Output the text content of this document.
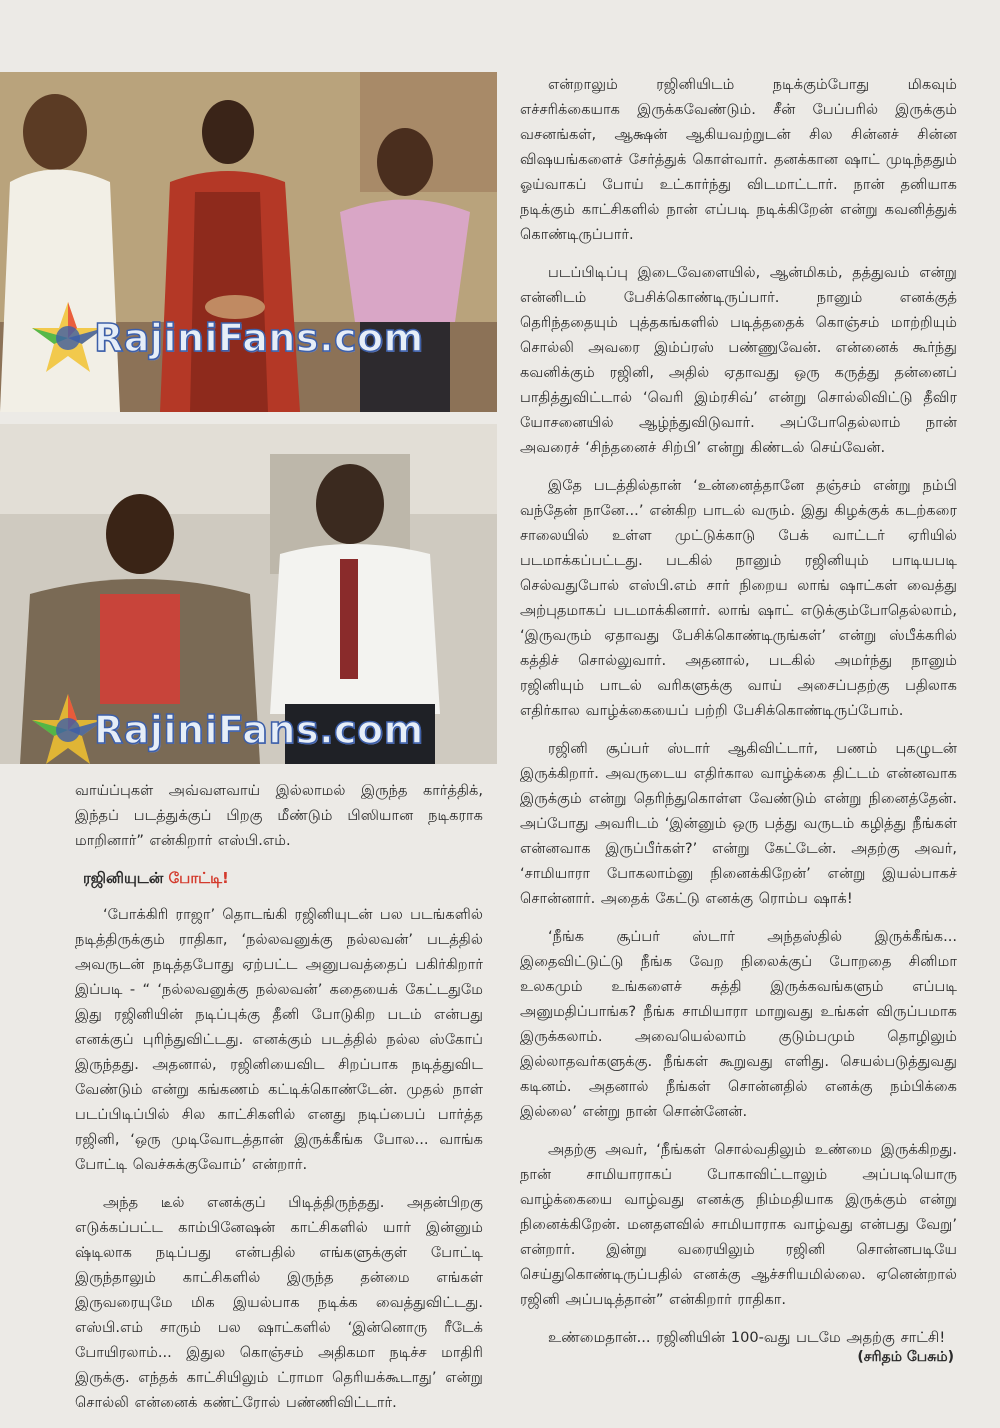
RajiniFans.com
RajiniFans.com

வாய்ப்புகள் அவ்வளவாய் இல்லாமல் இருந்த கார்த்திக், இந்தப் படத்துக்குப் பிறகு மீண்டும் பிஸியான நடிகராக மாறினார்” என்கிறார் எஸ்பி.எம்.

ரஜினியுடன் போட்டி!

‘போக்கிரி ராஜா’ தொடங்கி ரஜினியுடன் பல படங்களில் நடித்திருக்கும் ராதிகா, ‘நல்லவனுக்கு நல்லவன்’ படத்தில் அவருடன் நடித்தபோது ஏற்பட்ட அனுபவத்தைப் பகிர்கிறார் இப்படி - “ ‘நல்லவனுக்கு நல்லவன்’ கதையைக் கேட்டதுமே இது ரஜினியின் நடிப்புக்கு தீனி போடுகிற படம் என்பது எனக்குப் புரிந்துவிட்டது. எனக்கும் படத்தில் நல்ல ஸ்கோப் இருந்தது. அதனால், ரஜினியைவிட சிறப்பாக நடித்துவிட வேண்டும் என்று கங்கணம் கட்டிக்கொண்டேன். முதல் நாள் படப்பிடிப்பில் சில காட்சிகளில் எனது நடிப்பைப் பார்த்த ரஜினி, ‘ஒரு முடிவோடத்தான் இருக்கீங்க போல... வாங்க போட்டி வெச்சுக்குவோம்’ என்றார்.

அந்த டீல் எனக்குப் பிடித்திருந்தது. அதன்பிறகு எடுக்கப்பட்ட காம்பினேஷன் காட்சிகளில் யார் இன்னும் ஷ்டிலாக நடிப்பது என்பதில் எங்களுக்குள் போட்டி இருந்தாலும் காட்சிகளில் இருந்த தன்மை எங்கள் இருவரையுமே மிக இயல்பாக நடிக்க வைத்துவிட்டது. எஸ்பி.எம் சாரும் பல ஷாட்களில் ‘இன்னொரு ரீடேக் போயிரலாம்... இதுல கொஞ்சம் அதிகமா நடிச்ச மாதிரி இருக்கு. எந்தக் காட்சியிலும் ட்ராமா தெரியக்கூடாது’ என்று சொல்லி என்னைக் கண்ட்ரோல் பண்ணிவிட்டார்.

என்றாலும் ரஜினியிடம் நடிக்கும்போது மிகவும் எச்சரிக்கையாக இருக்கவேண்டும். சீன் பேப்பரில் இருக்கும் வசனங்கள், ஆக்ஷன் ஆகியவற்றுடன் சில சின்னச் சின்ன விஷயங்களைச் சேர்த்துக் கொள்வார். தனக்கான ஷாட் முடிந்ததும் ஓய்வாகப் போய் உட்கார்ந்து விடமாட்டார். நான் தனியாக நடிக்கும் காட்சிகளில் நான் எப்படி நடிக்கிறேன் என்று கவனித்துக் கொண்டிருப்பார்.

படப்பிடிப்பு இடைவேளையில், ஆன்மிகம், தத்துவம் என்று என்னிடம் பேசிக்கொண்டிருப்பார். நானும் எனக்குத் தெரிந்ததையும் புத்தகங்களில் படித்ததைக் கொஞ்சம் மாற்றியும் சொல்லி அவரை இம்ப்ரஸ் பண்ணுவேன். என்னைக் கூர்ந்து கவனிக்கும் ரஜினி, அதில் ஏதாவது ஒரு கருத்து தன்னைப் பாதித்துவிட்டால் ‘வெரி இம்ரசிவ்’ என்று சொல்லிவிட்டு தீவிர யோசனையில் ஆழ்ந்துவிடுவார். அப்போதெல்லாம் நான் அவரைச் ‘சிந்தனைச் சிற்பி’ என்று கிண்டல் செய்வேன்.

இதே படத்தில்தான் ‘உன்னைத்தானே தஞ்சம் என்று நம்பி வந்தேன் நானே...’ என்கிற பாடல் வரும். இது கிழக்குக் கடற்கரை சாலையில் உள்ள முட்டுக்காடு பேக் வாட்டர் ஏரியில் படமாக்கப்பட்டது. படகில் நானும் ரஜினியும் பாடியபடி செல்வதுபோல் எஸ்பி.எம் சார் நிறைய லாங் ஷாட்கள் வைத்து அற்புதமாகப் படமாக்கினார். லாங் ஷாட் எடுக்கும்போதெல்லாம், ‘இருவரும் ஏதாவது பேசிக்கொண்டிருங்கள்’ என்று ஸ்பீக்கரில் கத்திச் சொல்லுவார். அதனால், படகில் அமர்ந்து நானும் ரஜினியும் பாடல் வரிகளுக்கு வாய் அசைப்பதற்கு பதிலாக எதிர்கால வாழ்க்கையைப் பற்றி பேசிக்கொண்டிருப்போம்.

ரஜினி சூப்பர் ஸ்டார் ஆகிவிட்டார், பணம் புகழுடன் இருக்கிறார். அவருடைய எதிர்கால வாழ்க்கை திட்டம் என்னவாக இருக்கும் என்று தெரிந்துகொள்ள வேண்டும் என்று நினைத்தேன். அப்போது அவரிடம் ‘இன்னும் ஒரு பத்து வருடம் கழித்து நீங்கள் என்னவாக இருப்பீர்கள்?’ என்று கேட்டேன். அதற்கு அவர், ‘சாமியாரா போகலாம்னு நினைக்கிறேன்’ என்று இயல்பாகச் சொன்னார். அதைக் கேட்டு எனக்கு ரொம்ப ஷாக்!

‘நீங்க சூப்பர் ஸ்டார் அந்தஸ்தில் இருக்கீங்க... இதைவிட்டுட்டு நீங்க வேற நிலைக்குப் போறதை சினிமா உலகமும் உங்களைச் சுத்தி இருக்கவங்களும் எப்படி அனுமதிப்பாங்க? நீங்க சாமியாரா மாறுவது உங்கள் விருப்பமாக இருக்கலாம். அவையெல்லாம் குடும்பமும் தொழிலும் இல்லாதவர்களுக்கு. நீங்கள் கூறுவது எளிது. செயல்படுத்துவது கடினம். அதனால் நீங்கள் சொன்னதில் எனக்கு நம்பிக்கை இல்லை’ என்று நான் சொன்னேன்.

அதற்கு அவர், ‘நீங்கள் சொல்வதிலும் உண்மை இருக்கிறது. நான் சாமியாராகப் போகாவிட்டாலும் அப்படியொரு வாழ்க்கையை வாழ்வது எனக்கு நிம்மதியாக இருக்கும் என்று நினைக்கிறேன். மனதளவில் சாமியாராக வாழ்வது என்பது வேறு’ என்றார். இன்று வரையிலும் ரஜினி சொன்னபடியே செய்துகொண்டிருப்பதில் எனக்கு ஆச்சரியமில்லை. ஏனென்றால் ரஜினி அப்படித்தான்” என்கிறார் ராதிகா.

உண்மைதான்... ரஜினியின் 100-வது படமே அதற்கு சாட்சி!

(சரிதம் பேசும்)
